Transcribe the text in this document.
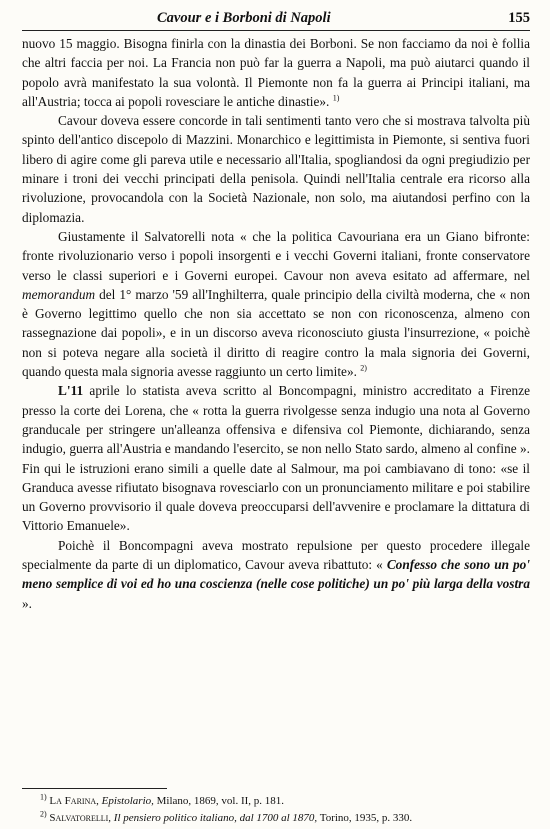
Cavour e i Borboni di Napoli	155

nuovo 15 maggio. Bisogna finirla con la dinastia dei Borboni. Se non facciamo da noi è follia che altri faccia per noi. La Francia non può far la guerra a Napoli, ma può aiutarci quando il popolo avrà manifestato la sua volontà. Il Piemonte non fa la guerra ai Principi italiani, ma all'Austria; tocca ai popoli rovesciare le antiche dinastie». $^{1)}$

Cavour doveva essere concorde in tali sentimenti tanto vero che si mostrava talvolta più spinto dell'antico discepolo di Mazzini. Monarchico e legittimista in Piemonte, si sentiva fuori libero di agire come gli pareva utile e necessario all'Italia, spogliandosi da ogni pregiudizio per minare i troni dei vecchi principati della penisola. Quindi nell'Italia centrale era ricorso alla rivoluzione, provocandola con la Società Nazionale, non solo, ma aiutandosi perfino con la diplomazia.

Giustamente il Salvatorelli nota « che la politica Cavouriana era un Giano bifronte: fronte rivoluzionario verso i popoli insorgenti e i vecchi Governi italiani, fronte conservatore verso le classi superiori e i Governi europei. Cavour non aveva esitato ad affermare, nel memorandum del 1° marzo '59 all'Inghilterra, quale principio della civiltà moderna, che « non è Governo legittimo quello che non sia accettato se non con riconoscenza, almeno con rassegnazione dai popoli», e in un discorso aveva riconosciuto giusta l'insurrezione, « poichè non si poteva negare alla società il diritto di reagire contro la mala signoria dei Governi, quando questa mala signoria avesse raggiunto un certo limite». $^{2)}$

L'11 aprile lo statista aveva scritto al Boncompagni, ministro accreditato a Firenze presso la corte dei Lorena, che « rotta la guerra rivolgesse senza indugio una nota al Governo granducale per stringere un'alleanza offensiva e difensiva col Piemonte, dichiarando, senza indugio, guerra all'Austria e mandando l'esercito, se non nello Stato sardo, almeno al confine ». Fin qui le istruzioni erano simili a quelle date al Salmour, ma poi cambiavano di tono: «se il Granduca avesse rifiutato bisognava rovesciarlo con un pronunciamento militare e poi stabilire un Governo provvisorio il quale doveva preoccuparsi dell'avvenire e proclamare la dittatura di Vittorio Emanuele».

Poichè il Boncompagni aveva mostrato repulsione per questo procedere illegale specialmente da parte di un diplomatico, Cavour aveva ribattuto: « Confesso che sono un po' meno semplice di voi ed ho una coscienza (nelle cose politiche) un po' più larga della vostra ».

$^{1)}$ La Farina, Epistolario, Milano, 1869, vol. II, p. 181.
$^{2)}$ Salvatorelli, Il pensiero politico italiano, dal 1700 al 1870, Torino, 1935, p. 330.
